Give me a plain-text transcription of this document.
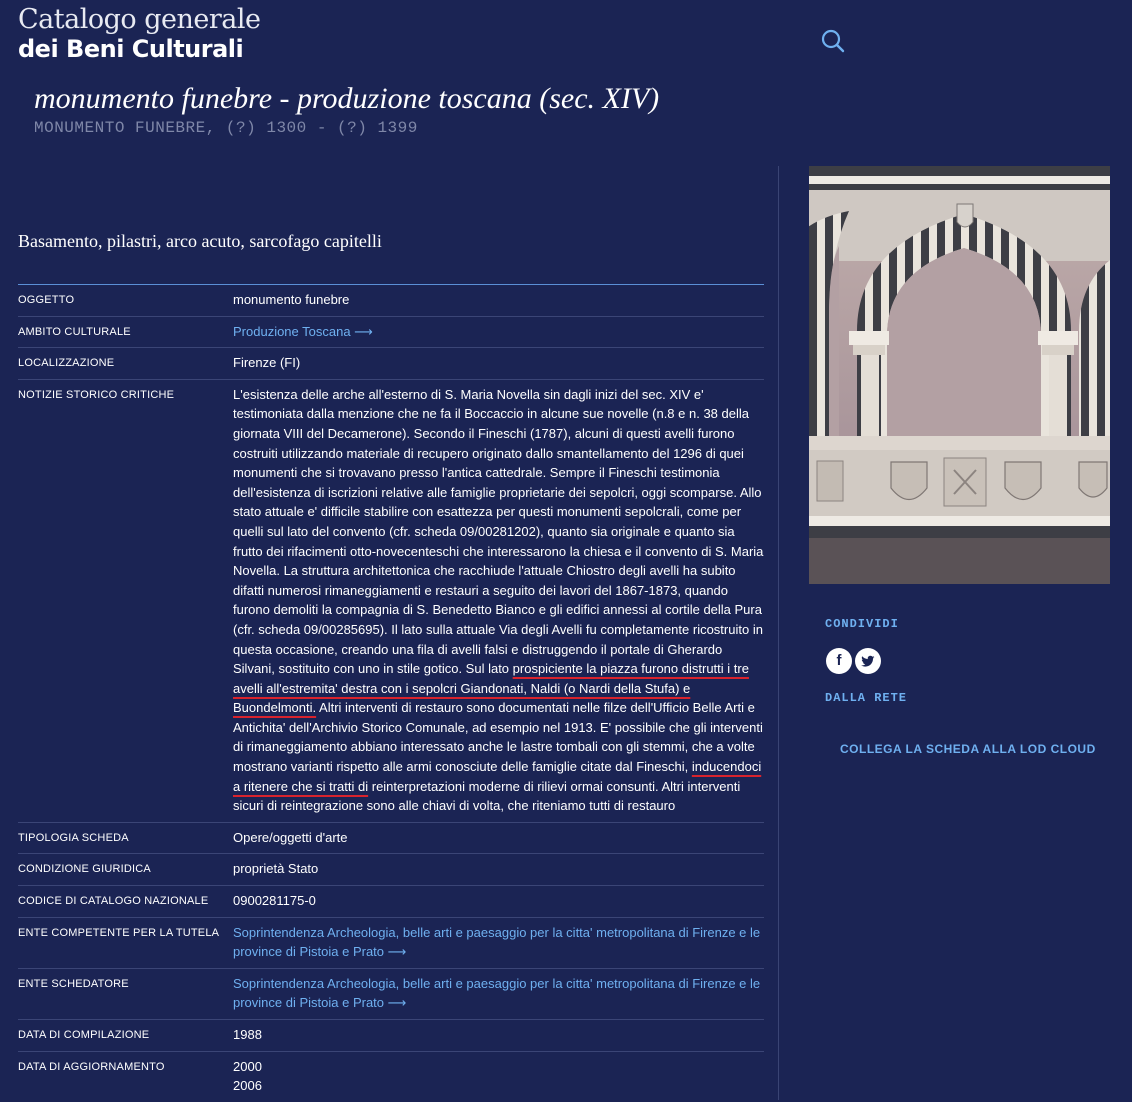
Catalogo generale
dei Beni Culturali
monumento funebre - produzione toscana (sec. XIV)
MONUMENTO FUNEBRE, (?) 1300 - (?) 1399
Basamento, pilastri, arco acuto, sarcofago capitelli
OGGETTO	monumento funebre
AMBITO CULTURALE	Produzione Toscana ⟶
LOCALIZZAZIONE	Firenze (FI)
NOTIZIE STORICO CRITICHE	L'esistenza delle arche all'esterno di S. Maria Novella sin dagli inizi del sec. XIV e' testimoniata dalla menzione che ne fa il Boccaccio in alcune sue novelle (n.8 e n. 38 della giornata VIII del Decamerone). Secondo il Fineschi (1787), alcuni di questi avelli furono costruiti utilizzando materiale di recupero originato dallo smantellamento del 1296 di quei monumenti che si trovavano presso l'antica cattedrale. Sempre il Fineschi testimonia dell'esistenza di iscrizioni relative alle famiglie proprietarie dei sepolcri, oggi scomparse. Allo stato attuale e' difficile stabilire con esattezza per questi monumenti sepolcrali, come per quelli sul lato del convento (cfr. scheda 09/00281202), quanto sia originale e quanto sia frutto dei rifacimenti otto-novecenteschi che interessarono la chiesa e il convento di S. Maria Novella. La struttura architettonica che racchiude l'attuale Chiostro degli avelli ha subito difatti numerosi rimaneggiamenti e restauri a seguito dei lavori del 1867-1873, quando furono demoliti la compagnia di S. Benedetto Bianco e gli edifici annessi al cortile della Pura (cfr. scheda 09/00285695). Il lato sulla attuale Via degli Avelli fu completamente ricostruito in questa occasione, creando una fila di avelli falsi e distruggendo il portale di Gherardo Silvani, sostituito con uno in stile gotico. Sul lato prospiciente la piazza furono distrutti i tre avelli all'estremita' destra con i sepolcri Giandonati, Naldi (o Nardi della Stufa) e Buondelmonti. Altri interventi di restauro sono documentati nelle filze dell'Ufficio Belle Arti e Antichita' dell'Archivio Storico Comunale, ad esempio nel 1913. E' possibile che gli interventi di rimaneggiamento abbiano interessato anche le lastre tombali con gli stemmi, che a volte mostrano varianti rispetto alle armi conosciute delle famiglie citate dal Fineschi, inducendoci a ritenere che si tratti di reinterpretazioni moderne di rilievi ormai consunti. Altri interventi sicuri di reintegrazione sono alle chiavi di volta, che riteniamo tutti di restauro
TIPOLOGIA SCHEDA	Opere/oggetti d'arte
CONDIZIONE GIURIDICA	proprietà Stato
CODICE DI CATALOGO NAZIONALE	0900281175-0
ENTE COMPETENTE PER LA TUTELA	Soprintendenza Archeologia, belle arti e paesaggio per la citta' metropolitana di Firenze e le province di Pistoia e Prato ⟶
ENTE SCHEDATORE	Soprintendenza Archeologia, belle arti e paesaggio per la citta' metropolitana di Firenze e le province di Pistoia e Prato ⟶
DATA DI COMPILAZIONE	1988
DATA DI AGGIORNAMENTO	2000
2006
CONDIVIDI
f
DALLA RETE
COLLEGA LA SCHEDA ALLA LOD CLOUD
